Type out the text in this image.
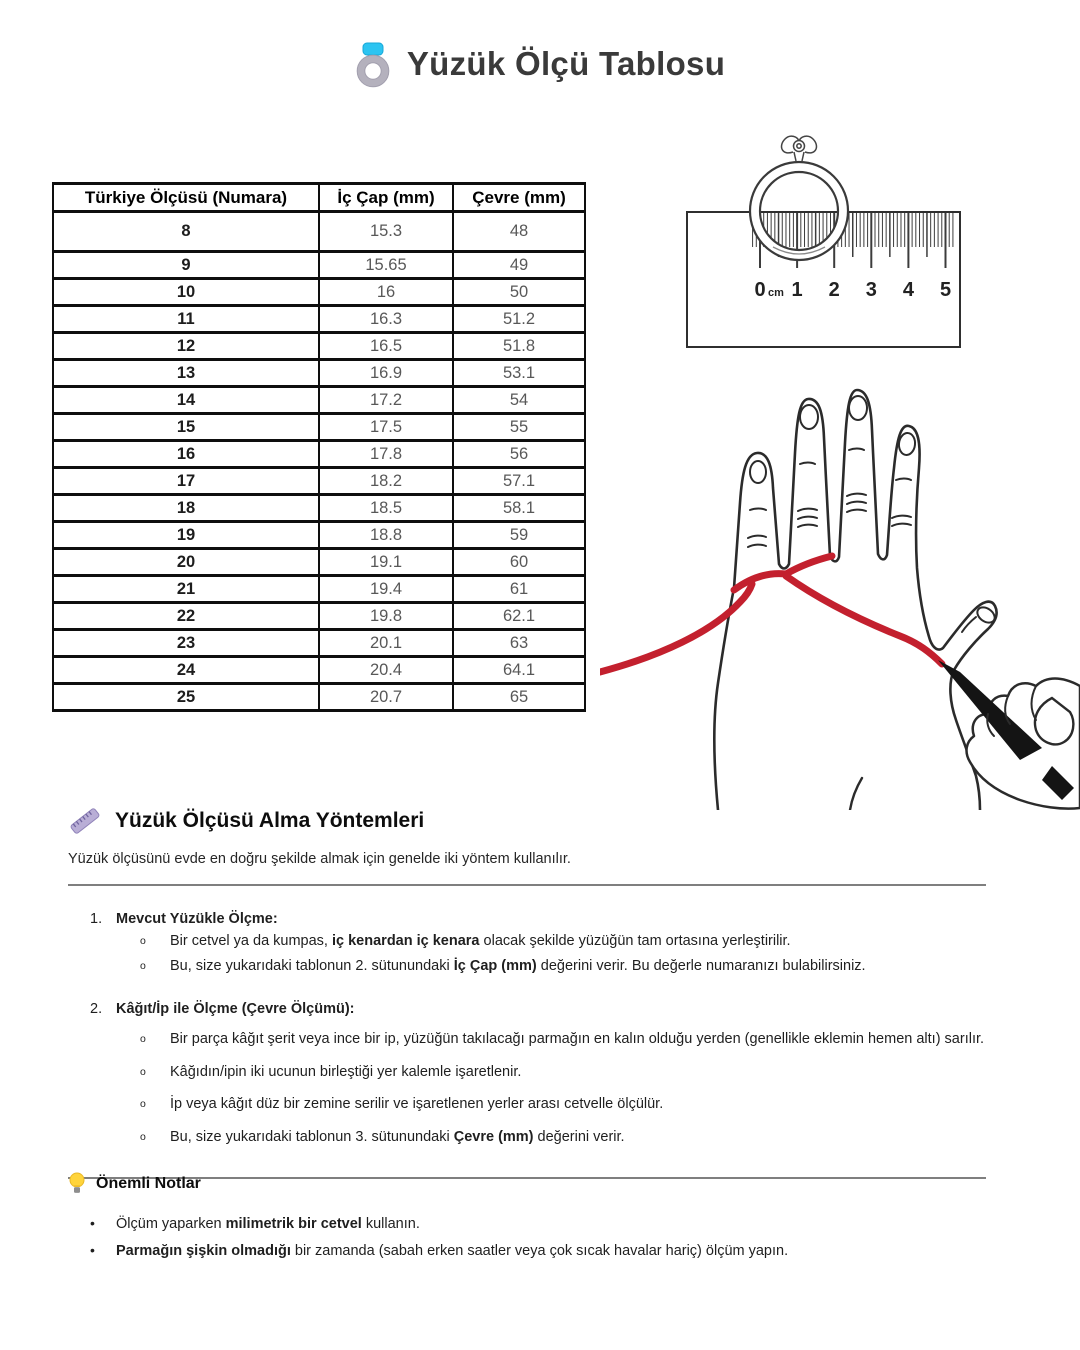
Yüzük Ölçü Tablosu
Türkiye Ölçüsü (Numara)	İç Çap (mm)	Çevre (mm)
8	15.3	48
9	15.65	49
10	16	50
11	16.3	51.2
12	16.5	51.8
13	16.9	53.1
14	17.2	54
15	17.5	55
16	17.8	56
17	18.2	57.1
18	18.5	58.1
19	18.8	59
20	19.1	60
21	19.4	61
22	19.8	62.1
23	20.1	63
24	20.4	64.1
25	20.7	65
0 1 2 3 4 5
cm
Yüzük Ölçüsü Alma Yöntemleri
Yüzük ölçüsünü evde en doğru şekilde almak için genelde iki yöntem kullanılır.
1. Mevcut Yüzükle Ölçme:
o	Bir cetvel ya da kumpas, iç kenardan iç kenara olacak şekilde yüzüğün tam ortasına yerleştirilir.
o	Bu, size yukarıdaki tablonun 2. sütunundaki İç Çap (mm) değerini verir. Bu değerle numaranızı bulabilirsiniz.
2. Kâğıt/İp ile Ölçme (Çevre Ölçümü):
o	Bir parça kâğıt şerit veya ince bir ip, yüzüğün takılacağı parmağın en kalın olduğu yerden (genellikle eklemin hemen altı) sarılır.
o	Kâğıdın/ipin iki ucunun birleştiği yer kalemle işaretlenir.
o	İp veya kâğıt düz bir zemine serilir ve işaretlenen yerler arası cetvelle ölçülür.
o	Bu, size yukarıdaki tablonun 3. sütunundaki Çevre (mm) değerini verir.
Önemli Notlar
•	Ölçüm yaparken milimetrik bir cetvel kullanın.
•	Parmağın şişkin olmadığı bir zamanda (sabah erken saatler veya çok sıcak havalar hariç) ölçüm yapın.
